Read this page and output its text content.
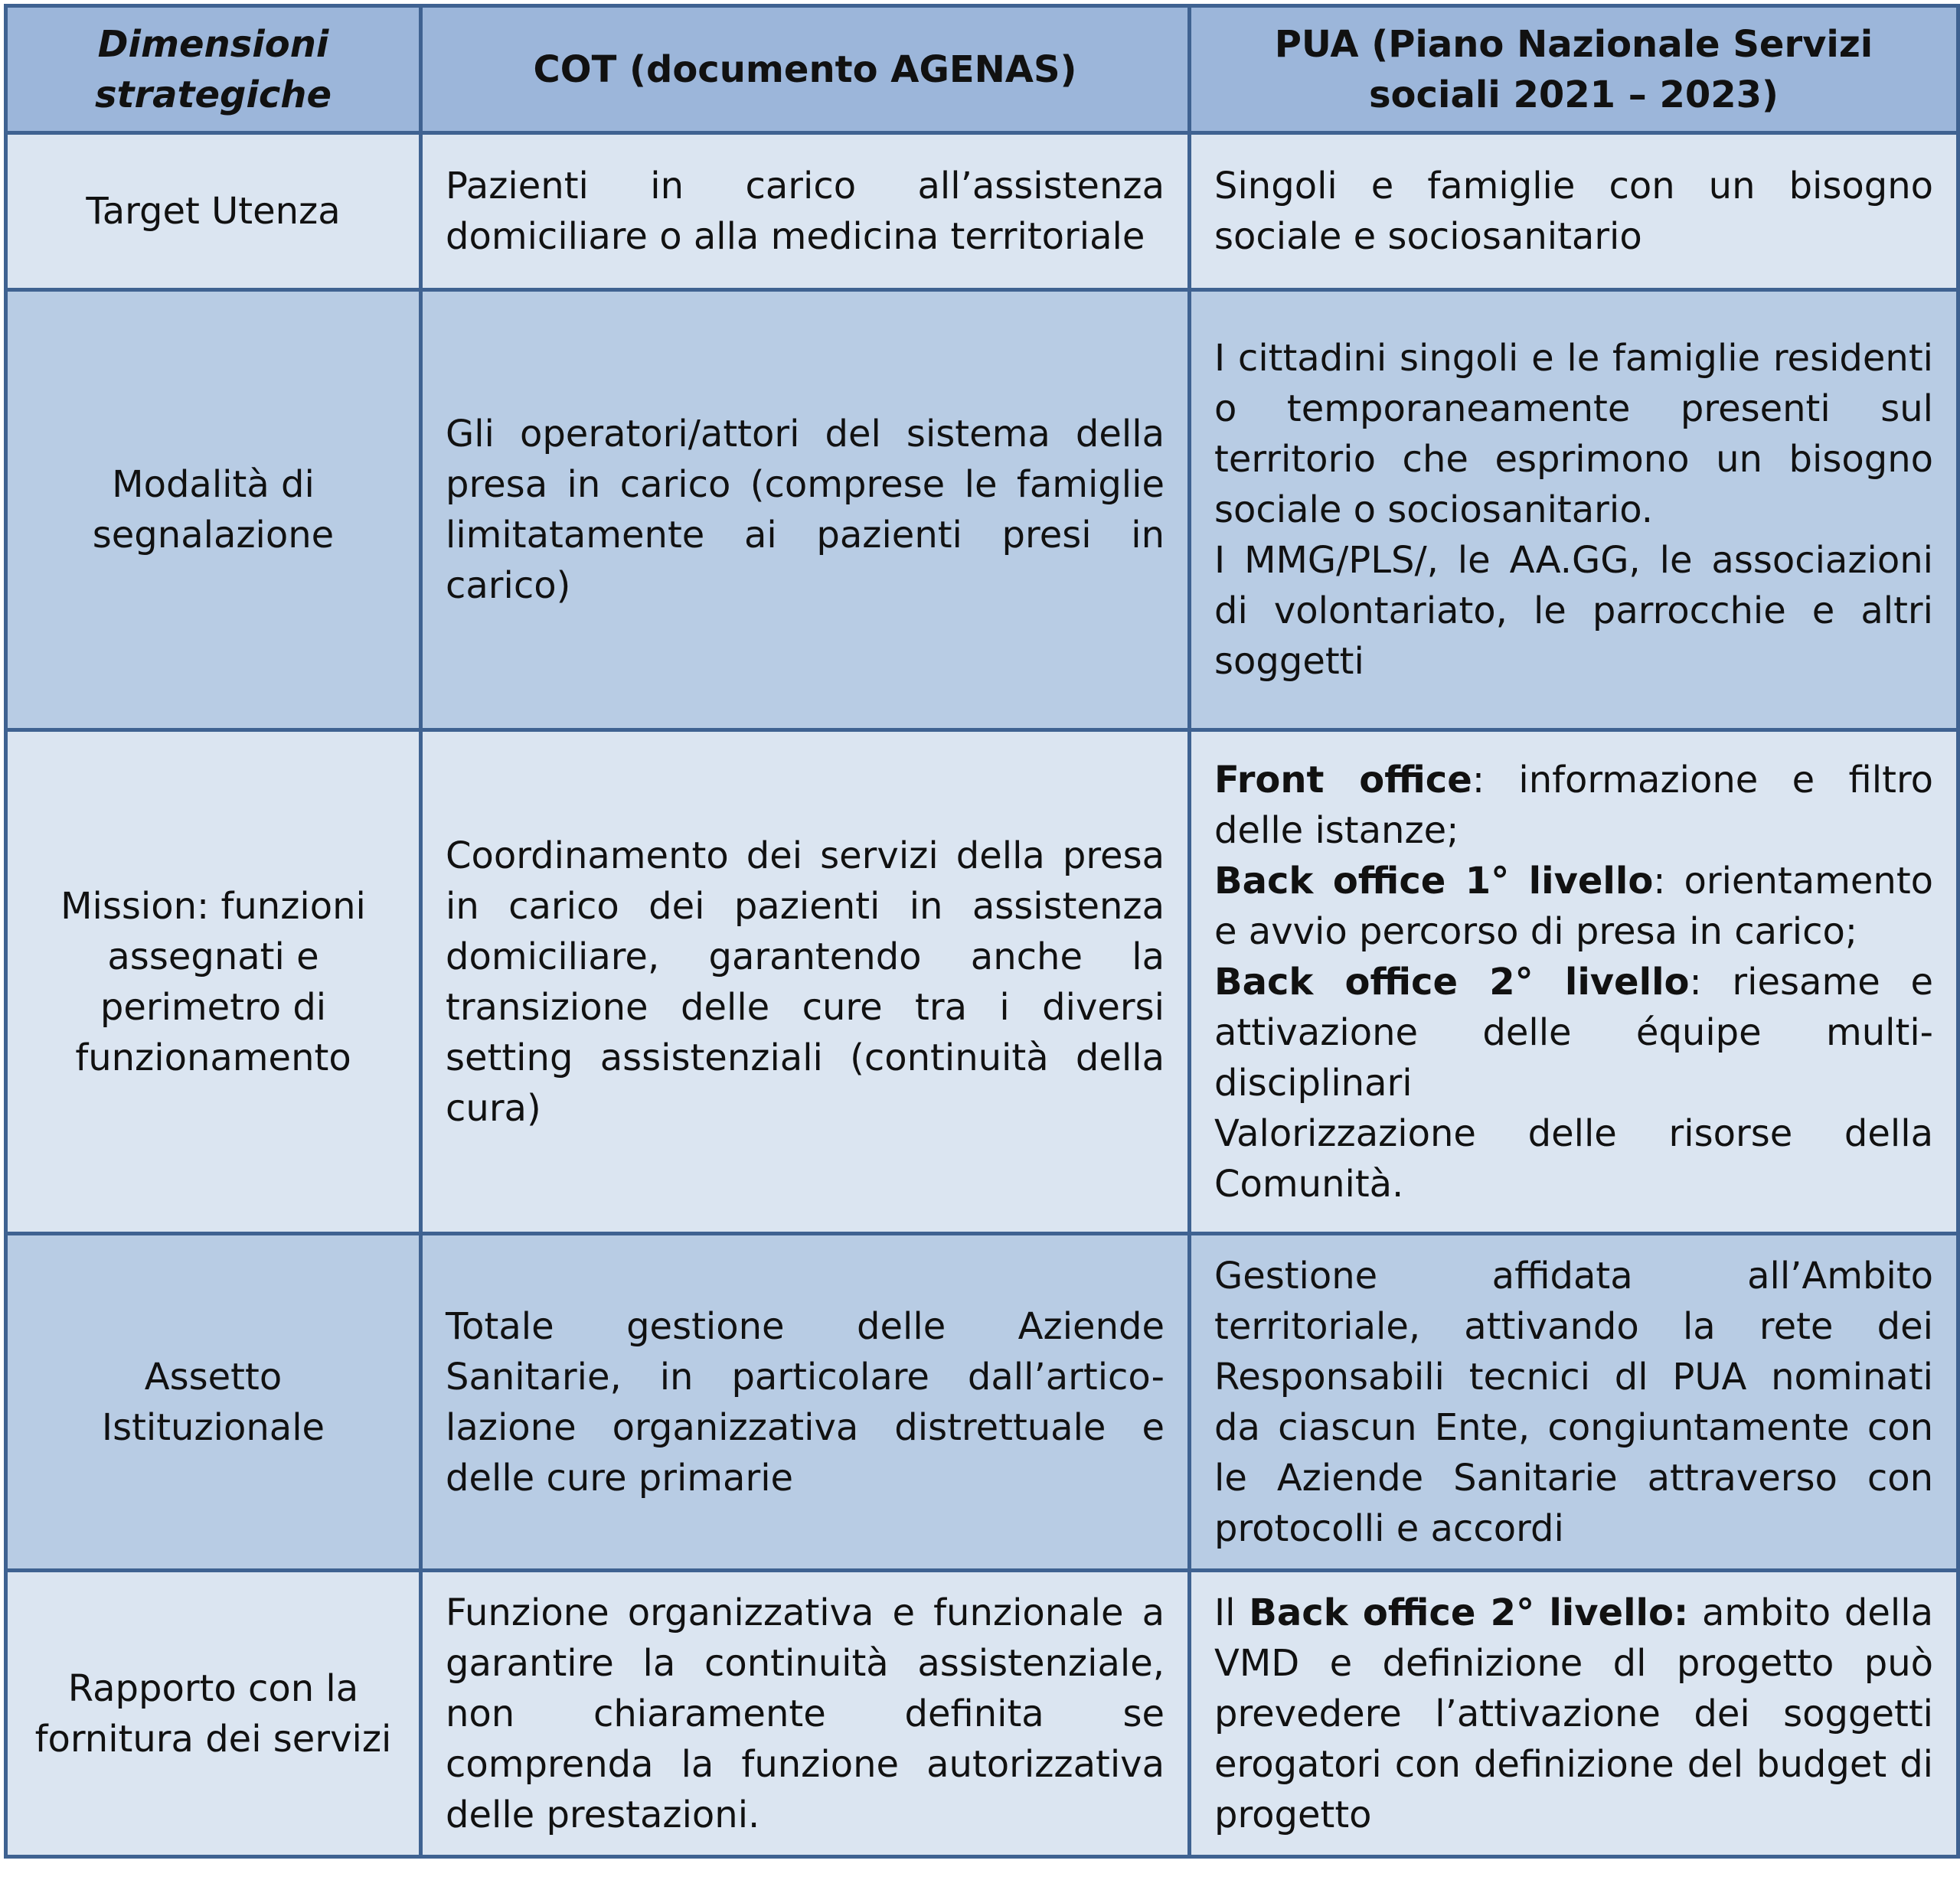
Dimensioni strategiche	COT (documento AGENAS)	PUA (Piano Nazionale Servizi sociali 2021 – 2023)
Target Utenza	Pazienti in carico all’assistenza domiciliare o alla medicina territoriale	Singoli e famiglie con un bisogno sociale e sociosanitario

Modalità di segnalazione	Gli operatori/attori del sistema della presa in carico (comprese le famiglie limitatamente ai pazienti presi in carico)	I cittadini singoli e le famiglie residenti o temporaneamente presenti sul territorio che esprimono un bisogno sociale o sociosanitario.
I MMG/PLS/, le AA.GG, le associazioni di volontariato, le parrocchie e altri soggetti

Mission: funzioni assegnati e perimetro di funzionamento	Coordinamento dei servizi della presa in carico dei pazienti in assistenza domiciliare, garantendo anche la transizione delle cure tra i diversi setting assistenziali (continuità della cura)	Front office: informazione e filtro delle istanze;
Back office 1° livello: orientamento e avvio percorso di presa in carico;
Back office 2° livello: riesame e attivazione delle équipe multi-disciplinari
Valorizzazione delle risorse della Comunità.

Assetto Istituzionale	Totale gestione delle Aziende Sanitarie, in particolare dall’artico-lazione organizzativa distrettuale e delle cure primarie	Gestione affidata all’Ambito territoriale, attivando la rete dei Responsabili tecnici dl PUA nominati da ciascun Ente, congiuntamente con le Aziende Sanitarie attraverso con protocolli e accordi

Rapporto con la fornitura dei servizi	Funzione organizzativa e funzionale a garantire la continuità assistenziale, non chiaramente definita se comprenda la funzione autorizzativa delle prestazioni.	Il Back office 2° livello: ambito della VMD e definizione dl progetto può prevedere l’attivazione dei soggetti erogatori con definizione del budget di progetto
